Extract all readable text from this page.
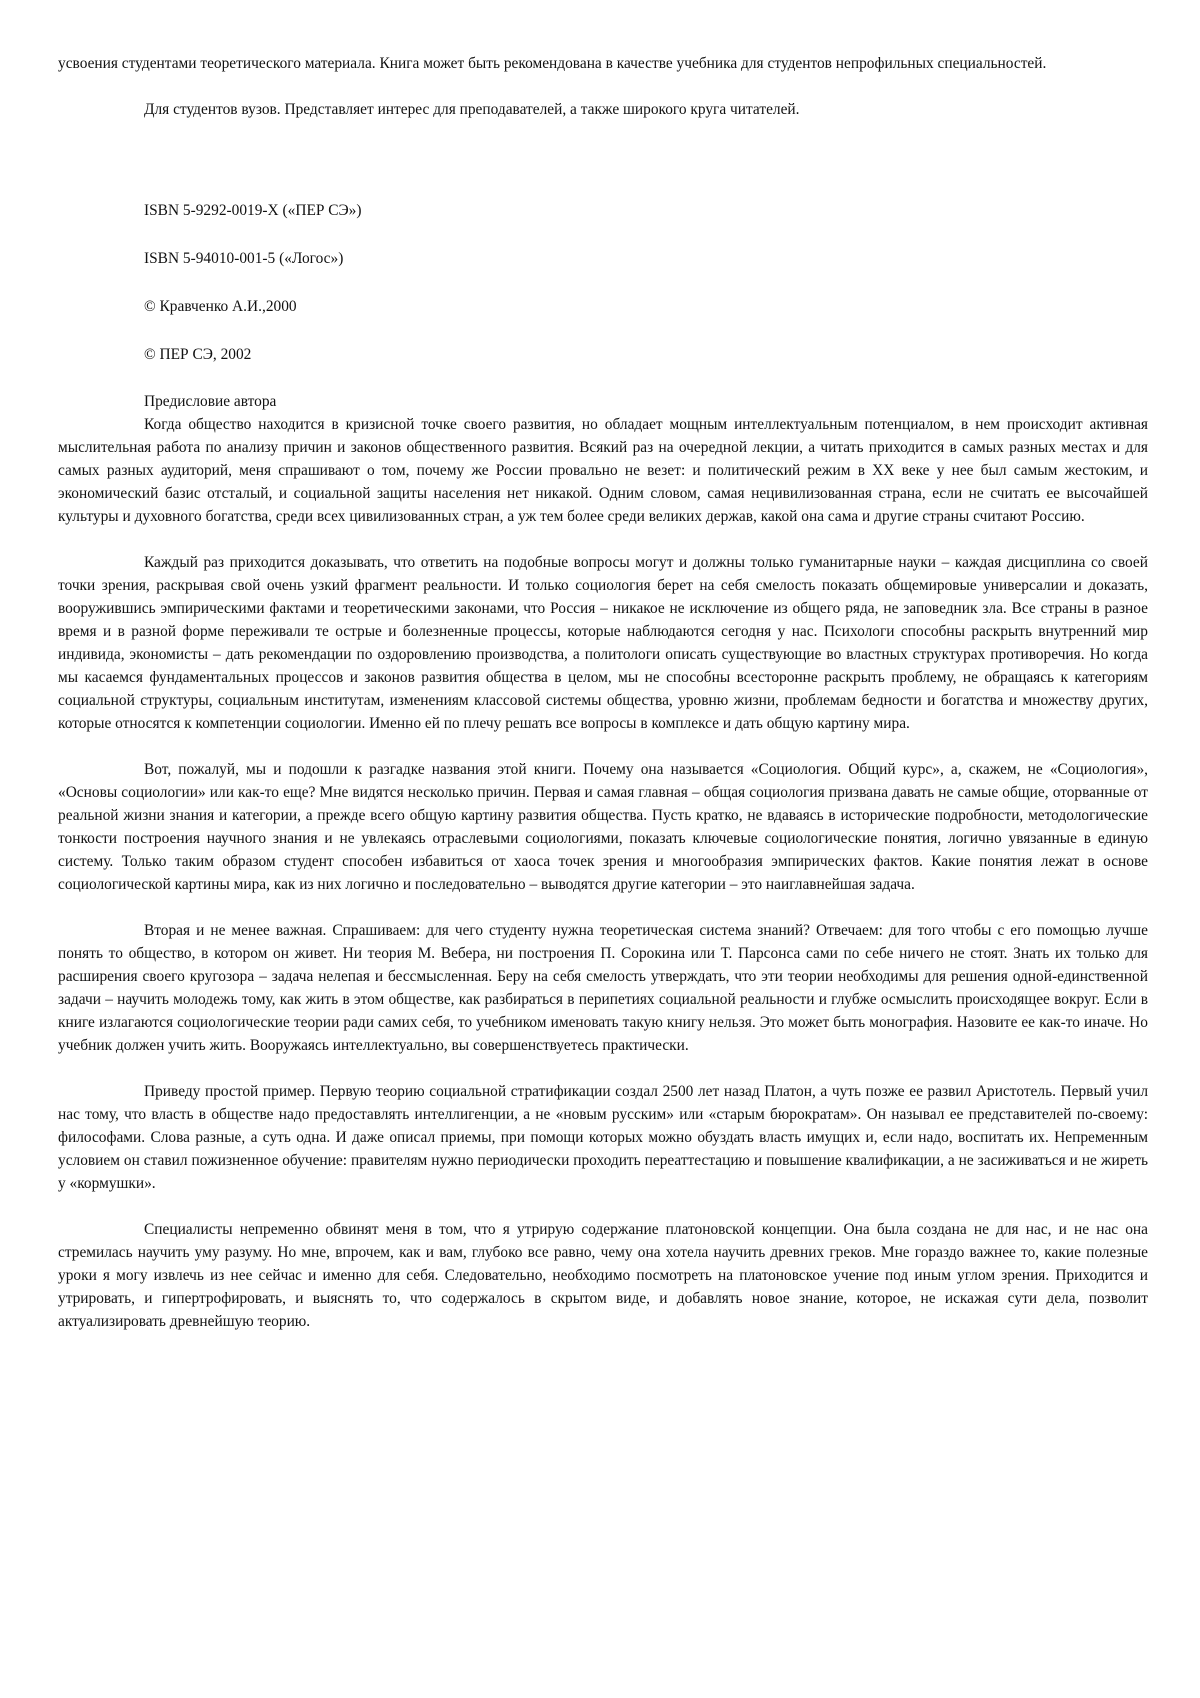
усвоения студентами теоретического материала. Книга может быть рекомендована в качестве учебника для студентов непрофильных специальностей.

Для студентов вузов. Представляет интерес для преподавателей, а также широкого круга читателей.

ISBN 5-9292-0019-Х («ПЕР СЭ»)

ISBN 5-94010-001-5 («Логос»)

© Кравченко А.И.,2000

© ПЕР СЭ, 2002

Предисловие автора

Когда общество находится в кризисной точке своего развития, но обладает мощным интеллектуальным потенциалом, в нем происходит активная мыслительная работа по анализу причин и законов общественного развития. Всякий раз на очередной лекции, а читать приходится в самых разных местах и для самых разных аудиторий, меня спрашивают о том, почему же России провально не везет: и политический режим в XX веке у нее был самым жестоким, и экономический базис отсталый, и социальной защиты населения нет никакой. Одним словом, самая нецивилизованная страна, если не считать ее высочайшей культуры и духовного богатства, среди всех цивилизованных стран, а уж тем более среди великих держав, какой она сама и другие страны считают Россию.

Каждый раз приходится доказывать, что ответить на подобные вопросы могут и должны только гуманитарные науки – каждая дисциплина со своей точки зрения, раскрывая свой очень узкий фрагмент реальности. И только социология берет на себя смелость показать общемировые универсалии и доказать, вооружившись эмпирическими фактами и теоретическими законами, что Россия – никакое не исключение из общего ряда, не заповедник зла. Все страны в разное время и в разной форме переживали те острые и болезненные процессы, которые наблюдаются сегодня у нас. Психологи способны раскрыть внутренний мир индивида, экономисты – дать рекомендации по оздоровлению производства, а политологи описать существующие во властных структурах противоречия. Но когда мы касаемся фундаментальных процессов и законов развития общества в целом, мы не способны всесторонне раскрыть проблему, не обращаясь к категориям социальной структуры, социальным институтам, изменениям классовой системы общества, уровню жизни, проблемам бедности и богатства и множеству других, которые относятся к компетенции социологии. Именно ей по плечу решать все вопросы в комплексе и дать общую картину мира.

Вот, пожалуй, мы и подошли к разгадке названия этой книги. Почему она называется «Социология. Общий курс», а, скажем, не «Социология», «Основы социологии» или как-то еще? Мне видятся несколько причин. Первая и самая главная – общая социология призвана давать не самые общие, оторванные от реальной жизни знания и категории, а прежде всего общую картину развития общества. Пусть кратко, не вдаваясь в исторические подробности, методологические тонкости построения научного знания и не увлекаясь отраслевыми социологиями, показать ключевые социологические понятия, логично увязанные в единую систему. Только таким образом студент способен избавиться от хаоса точек зрения и многообразия эмпирических фактов. Какие понятия лежат в основе социологической картины мира, как из них логично и последовательно – выводятся другие категории – это наиглавнейшая задача.

Вторая и не менее важная. Спрашиваем: для чего студенту нужна теоретическая система знаний? Отвечаем: для того чтобы с его помощью лучше понять то общество, в котором он живет. Ни теория М. Вебера, ни построения П. Сорокина или Т. Парсонса сами по себе ничего не стоят. Знать их только для расширения своего кругозора – задача нелепая и бессмысленная. Беру на себя смелость утверждать, что эти теории необходимы для решения одной-единственной задачи – научить молодежь тому, как жить в этом обществе, как разбираться в перипетиях социальной реальности и глубже осмыслить происходящее вокруг. Если в книге излагаются социологические теории ради самих себя, то учебником именовать такую книгу нельзя. Это может быть монография. Назовите ее как-то иначе. Но учебник должен учить жить. Вооружаясь интеллектуально, вы совершенствуетесь практически.

Приведу простой пример. Первую теорию социальной стратификации создал 2500 лет назад Платон, а чуть позже ее развил Аристотель. Первый учил нас тому, что власть в обществе надо предоставлять интеллигенции, а не «новым русским» или «старым бюрократам». Он называл ее представителей по-своему: философами. Слова разные, а суть одна. И даже описал приемы, при помощи которых можно обуздать власть имущих и, если надо, воспитать их. Непременным условием он ставил пожизненное обучение: правителям нужно периодически проходить переаттестацию и повышение квалификации, а не засиживаться и не жиреть у «кормушки».

Специалисты непременно обвинят меня в том, что я утрирую содержание платоновской концепции. Она была создана не для нас, и не нас она стремилась научить уму разуму. Но мне, впрочем, как и вам, глубоко все равно, чему она хотела научить древних греков. Мне гораздо важнее то, какие полезные уроки я могу извлечь из нее сейчас и именно для себя. Следовательно, необходимо посмотреть на платоновское учение под иным углом зрения. Приходится и утрировать, и гипертрофировать, и выяснять то, что содержалось в скрытом виде, и добавлять новое знание, которое, не искажая сути дела, позволит актуализировать древнейшую теорию.
